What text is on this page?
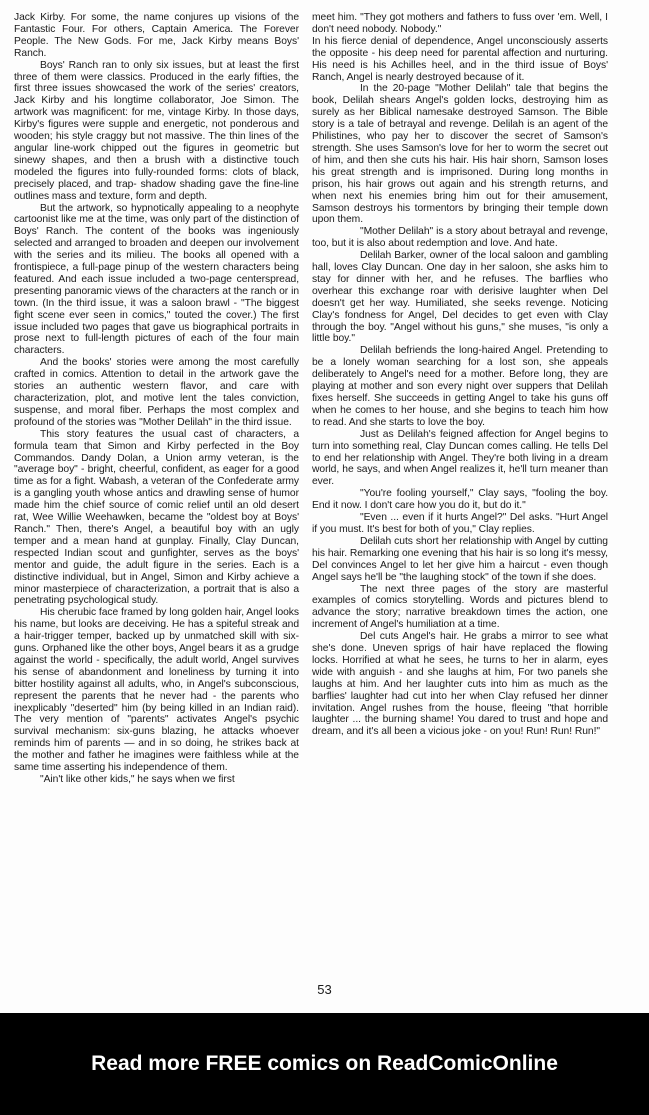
Jack Kirby. For some, the name conjures up visions of the Fantastic Four. For others, Captain America. The Forever People. The New Gods. For me, Jack Kirby means Boys' Ranch.

Boys' Ranch ran to only six issues, but at least the first three of them were classics. Produced in the early fifties, the first three issues showcased the work of the series' creators, Jack Kirby and his longtime collaborator, Joe Simon. The artwork was magnificent: for me, vintage Kirby. In those days, Kirby's figures were supple and energetic, not ponderous and wooden; his style craggy but not massive. The thin lines of the angular line-work chipped out the figures in geometric but sinewy shapes, and then a brush with a distinctive touch modeled the figures into fully-rounded forms: clots of black, precisely placed, and trap- shadow shading gave the fine-line outlines mass and texture, form and depth.

But the artwork, so hypnotically appealing to a neophyte cartoonist like me at the time, was only part of the distinction of Boys' Ranch. The content of the books was ingeniously selected and arranged to broaden and deepen our involvement with the series and its milieu. The books all opened with a frontispiece, a full-page pinup of the western characters being featured. And each issue included a two-page centerspread, presenting panoramic views of the characters at the ranch or in town. (In the third issue, it was a saloon brawl - "The biggest fight scene ever seen in comics," touted the cover.) The first issue included two pages that gave us biographical portraits in prose next to full-length pictures of each of the four main characters.

And the books' stories were among the most carefully crafted in comics. Attention to detail in the artwork gave the stories an authentic western flavor, and care with characterization, plot, and motive lent the tales conviction, suspense, and moral fiber. Perhaps the most complex and profound of the stories was "Mother Delilah" in the third issue.

This story features the usual cast of characters, a formula team that Simon and Kirby perfected in the Boy Commandos. Dandy Dolan, a Union army veteran, is the "average boy" - bright, cheerful, confident, as eager for a good time as for a fight. Wabash, a veteran of the Confederate army is a gangling youth whose antics and drawling sense of humor made him the chief source of comic relief until an old desert rat, Wee Willie Weehawken, became the "oldest boy at Boys' Ranch." Then, there's Angel, a beautiful boy with an ugly temper and a mean hand at gunplay. Finally, Clay Duncan, respected Indian scout and gunfighter, serves as the boys' mentor and guide, the adult figure in the series. Each is a distinctive individual, but in Angel, Simon and Kirby achieve a minor masterpiece of characterization, a portrait that is also a penetrating psychological study.

His cherubic face framed by long golden hair, Angel looks his name, but looks are deceiving. He has a spiteful streak and a hair-trigger temper, backed up by unmatched skill with six-guns. Orphaned like the other boys, Angel bears it as a grudge against the world - specifically, the adult world, Angel survives his sense of abandonment and loneliness by turning it into bitter hostility against all adults, who, in Angel's subconscious, represent the parents that he never had - the parents who inexplicably "deserted" him (by being killed in an Indian raid). The very mention of "parents" activates Angel's psychic survival mechanism: six-guns blazing, he attacks whoever reminds him of parents — and in so doing, he strikes back at the mother and father he imagines were faithless while at the same time asserting his independence of them.

"Ain't like other kids," he says when we first

meet him. "They got mothers and fathers to fuss over 'em. Well, I don't need nobody. Nobody."

In his fierce denial of dependence, Angel unconsciously asserts the opposite - his deep need for parental affection and nurturing. His need is his Achilles heel, and in the third issue of Boys' Ranch, Angel is nearly destroyed because of it.

In the 20-page "Mother Delilah" tale that begins the book, Delilah shears Angel's golden locks, destroying him as surely as her Biblical namesake destroyed Samson. The Bible story is a tale of betrayal and revenge. Delilah is an agent of the Philistines, who pay her to discover the secret of Samson's strength. She uses Samson's love for her to worm the secret out of him, and then she cuts his hair. His hair shorn, Samson loses his great strength and is imprisoned. During long months in prison, his hair grows out again and his strength returns, and when next his enemies bring him out for their amusement, Samson destroys his tormentors by bringing their temple down upon them.

"Mother Delilah" is a story about betrayal and revenge, too, but it is also about redemption and love. And hate.

Delilah Barker, owner of the local saloon and gambling hall, loves Clay Duncan. One day in her saloon, she asks him to stay for dinner with her, and he refuses. The barflies who overhear this exchange roar with derisive laughter when Del doesn't get her way. Humiliated, she seeks revenge. Noticing Clay's fondness for Angel, Del decides to get even with Clay through the boy. "Angel without his guns," she muses, "is only a little boy."

Delilah befriends the long-haired Angel. Pretending to be a lonely woman searching for a lost son, she appeals deliberately to Angel's need for a mother. Before long, they are playing at mother and son every night over suppers that Delilah fixes herself. She succeeds in getting Angel to take his guns off when he comes to her house, and she begins to teach him how to read. And she starts to love the boy.

Just as Delilah's feigned affection for Angel begins to turn into something real, Clay Duncan comes calling. He tells Del to end her relationship with Angel. They're both living in a dream world, he says, and when Angel realizes it, he'll turn meaner than ever.

"You're fooling yourself," Clay says, "fooling the boy. End it now. I don't care how you do it, but do it."

"Even ... even if it hurts Angel?" Del asks. "Hurt Angel if you must. It's best for both of you," Clay replies.

Delilah cuts short her relationship with Angel by cutting his hair. Remarking one evening that his hair is so long it's messy, Del convinces Angel to let her give him a haircut - even though Angel says he'll be "the laughing stock" of the town if she does.

The next three pages of the story are masterful examples of comics storytelling. Words and pictures blend to advance the story; narrative breakdown times the action, one increment of Angel's humiliation at a time.

Del cuts Angel's hair. He grabs a mirror to see what she's done. Uneven sprigs of hair have replaced the flowing locks. Horrified at what he sees, he turns to her in alarm, eyes wide with anguish - and she laughs at him, For two panels she laughs at him. And her laughter cuts into him as much as the barflies' laughter had cut into her when Clay refused her dinner invitation. Angel rushes from the house, fleeing "that horrible laughter ... the burning shame! You dared to trust and hope and dream, and it's all been a vicious joke - on you! Run! Run! Run!"

53
Read more FREE comics on ReadComicOnline
